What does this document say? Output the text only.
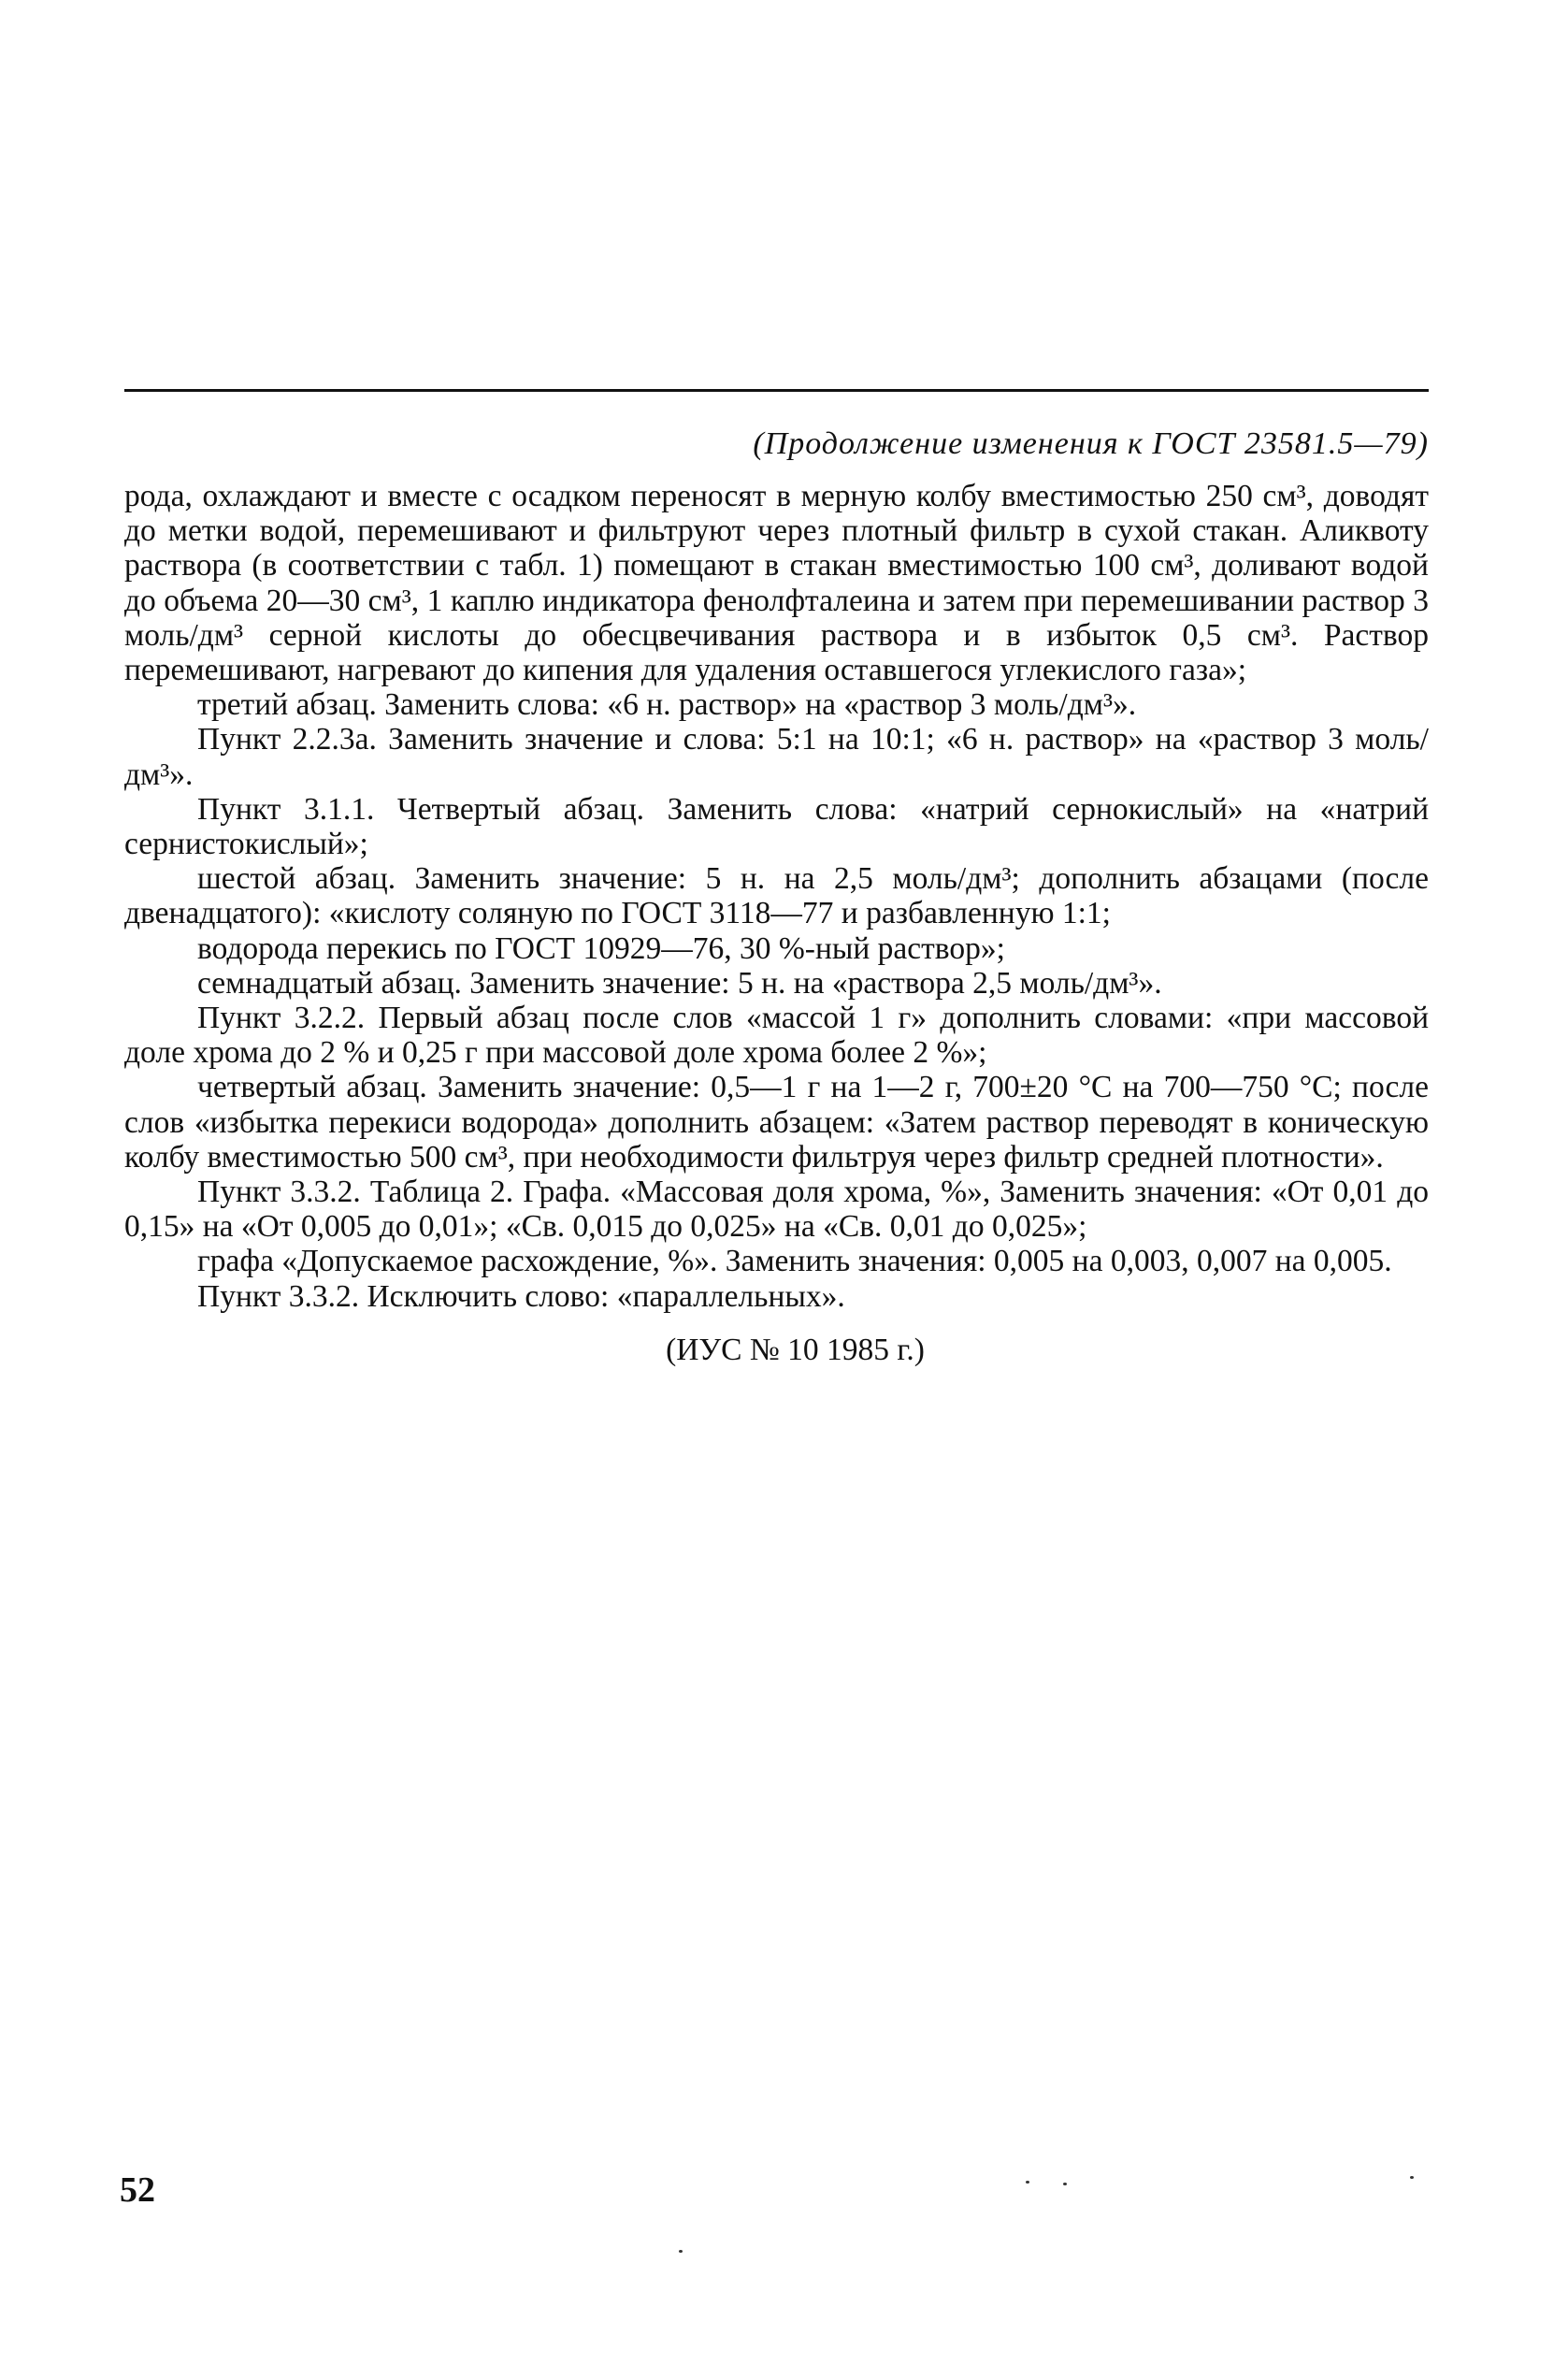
(Продолжение изменения к ГОСТ 23581.5—79)

рода, охлаждают и вместе с осадком переносят в мерную колбу вместимостью 250 см³, доводят до метки водой, перемешивают и фильтруют через плотный фильтр в сухой стакан. Аликвоту раствора (в соответствии с табл. 1) помещают в стакан вместимостью 100 см³, доливают водой до объема 20—30 см³, 1 каплю индикатора фенолфталеина и затем при перемешивании раствор 3 моль/дм³ серной кислоты до обесцвечивания раствора и в избыток 0,5 см³. Раствор перемешивают, нагревают до кипения для удаления оставшегося углекислого газа»;

третий абзац. Заменить слова: «6 н. раствор» на «раствор 3 моль/дм³».

Пункт 2.2.3а. Заменить значение и слова: 5:1 на 10:1; «6 н. раствор» на «раствор 3 моль/дм³».

Пункт 3.1.1. Четвертый абзац. Заменить слова: «натрий сернокислый» на «натрий сернистокислый»;

шестой абзац. Заменить значение: 5 н. на 2,5 моль/дм³; дополнить абзацами (после двенадцатого): «кислоту соляную по ГОСТ 3118—77 и разбавленную 1:1;

водорода перекись по ГОСТ 10929—76, 30 %-ный раствор»;

семнадцатый абзац. Заменить значение: 5 н. на «раствора 2,5 моль/дм³».

Пункт 3.2.2. Первый абзац после слов «массой 1 г» дополнить словами: «при массовой доле хрома до 2 % и 0,25 г при массовой доле хрома более 2 %»;

четвертый абзац. Заменить значение: 0,5—1 г на 1—2 г, 700±20 °С на 700—750 °С; после слов «избытка перекиси водорода» дополнить абзацем: «Затем раствор переводят в коническую колбу вместимостью 500 см³, при необходимости фильтруя через фильтр средней плотности».

Пункт 3.3.2. Таблица 2. Графа. «Массовая доля хрома, %», Заменить значения: «От 0,01 до 0,15» на «От 0,005 до 0,01»; «Св. 0,015 до 0,025» на «Св. 0,01 до 0,025»;

графа «Допускаемое расхождение, %». Заменить значения: 0,005 на 0,003, 0,007 на 0,005.

Пункт 3.3.2. Исключить слово: «параллельных».

(ИУС № 10 1985 г.)

52
